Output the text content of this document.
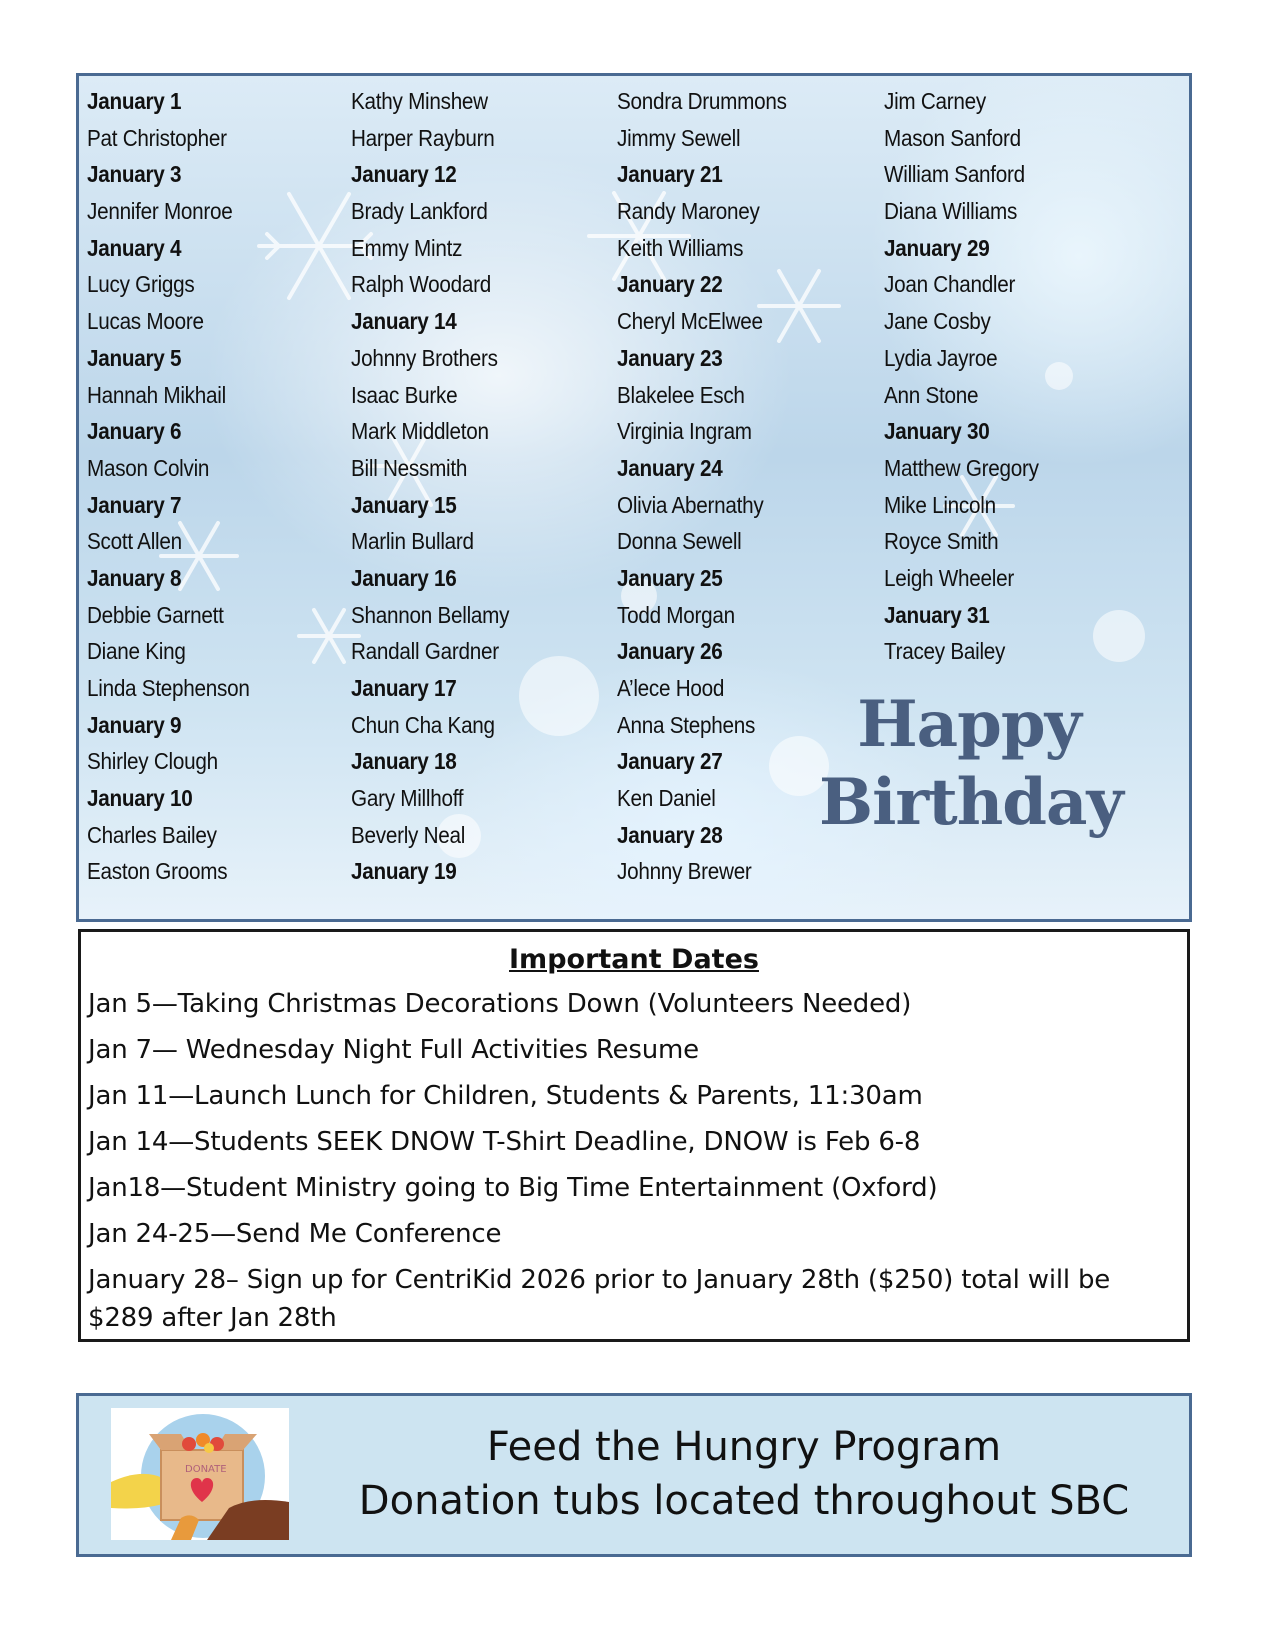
January 1
Pat Christopher
January 3
Jennifer Monroe
January 4
Lucy Griggs
Lucas Moore
January 5
Hannah Mikhail
January 6
Mason Colvin
January 7
Scott Allen
January 8
Debbie Garnett
Diane King
Linda Stephenson
January 9
Shirley Clough
January 10
Charles Bailey
Easton Grooms
Kathy Minshew
Harper Rayburn
January 12
Brady Lankford
Emmy Mintz
Ralph Woodard
January 14
Johnny Brothers
Isaac Burke
Mark Middleton
Bill Nessmith
January 15
Marlin Bullard
January 16
Shannon Bellamy
Randall Gardner
January 17
Chun Cha Kang
January 18
Gary Millhoff
Beverly Neal
January 19
Sondra Drummons
Jimmy Sewell
January 21
Randy Maroney
Keith Williams
January 22
Cheryl McElwee
January 23
Blakelee Esch
Virginia Ingram
January 24
Olivia Abernathy
Donna Sewell
January 25
Todd Morgan
January 26
A’lece Hood
Anna Stephens
January 27
Ken Daniel
January 28
Johnny Brewer
Jim Carney
Mason Sanford
William Sanford
Diana Williams
January 29
Joan Chandler
Jane Cosby
Lydia Jayroe
Ann Stone
January 30
Matthew Gregory
Mike Lincoln
Royce Smith
Leigh Wheeler
January 31
Tracey Bailey
Happy
Birthday
Important Dates
Jan 5—Taking Christmas Decorations Down (Volunteers Needed)
Jan 7— Wednesday Night Full Activities Resume
Jan 11—Launch Lunch for Children, Students & Parents, 11:30am
Jan 14—Students SEEK DNOW T-Shirt Deadline, DNOW is Feb 6-8
Jan18—Student Ministry going to Big Time Entertainment (Oxford)
Jan 24-25—Send Me Conference
January 28– Sign up for CentriKid 2026 prior to January 28th ($250) total will be $289 after Jan 28th
DONATE	Feed the Hungry Program
Donation tubs located throughout SBC
